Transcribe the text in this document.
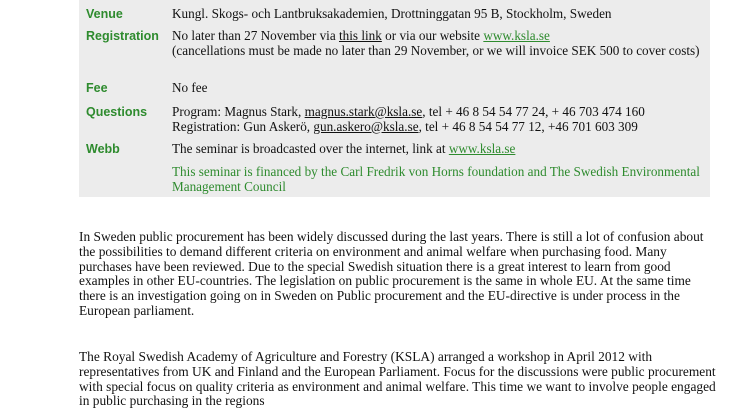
Venue	Kungl. Skogs- och Lantbruksakademien, Drottninggatan 95 B, Stockholm, Sweden
Registration No later than 27 November via this link or via our website www.ksla.se
(cancellations must be made no later than 29 November, or we will invoice SEK 500 to cover costs)
Fee	No fee
Questions Program: Magnus Stark, magnus.stark@ksla.se, tel + 46 8 54 54 77 24, + 46 703 474 160
Registration: Gun Askerö, gun.askero@ksla.se, tel + 46 8 54 54 77 12, +46 701 603 309
Webb	The seminar is broadcasted over the internet, link at www.ksla.se
This seminar is financed by the Carl Fredrik von Horns foundation and The Swedish Environmental Management Council

In Sweden public procurement has been widely discussed during the last years. There is still a lot of confusion about the possibilities to demand different criteria on environment and animal welfare when purchasing food. Many purchases have been reviewed. Due to the special Swedish situation there is a great interest to learn from good examples in other EU-countries. The legislation on public procurement is the same in whole EU. At the same time there is an investigation going on in Sweden on Public procurement and the EU-directive is under process in the European parliament.

The Royal Swedish Academy of Agriculture and Forestry (KSLA) arranged a workshop in April 2012 with representatives from UK and Finland and the European Parliament. Focus for the discussions were public procurement with special focus on quality criteria as environment and animal welfare. This time we want to involve people engaged in public purchasing in the regions
